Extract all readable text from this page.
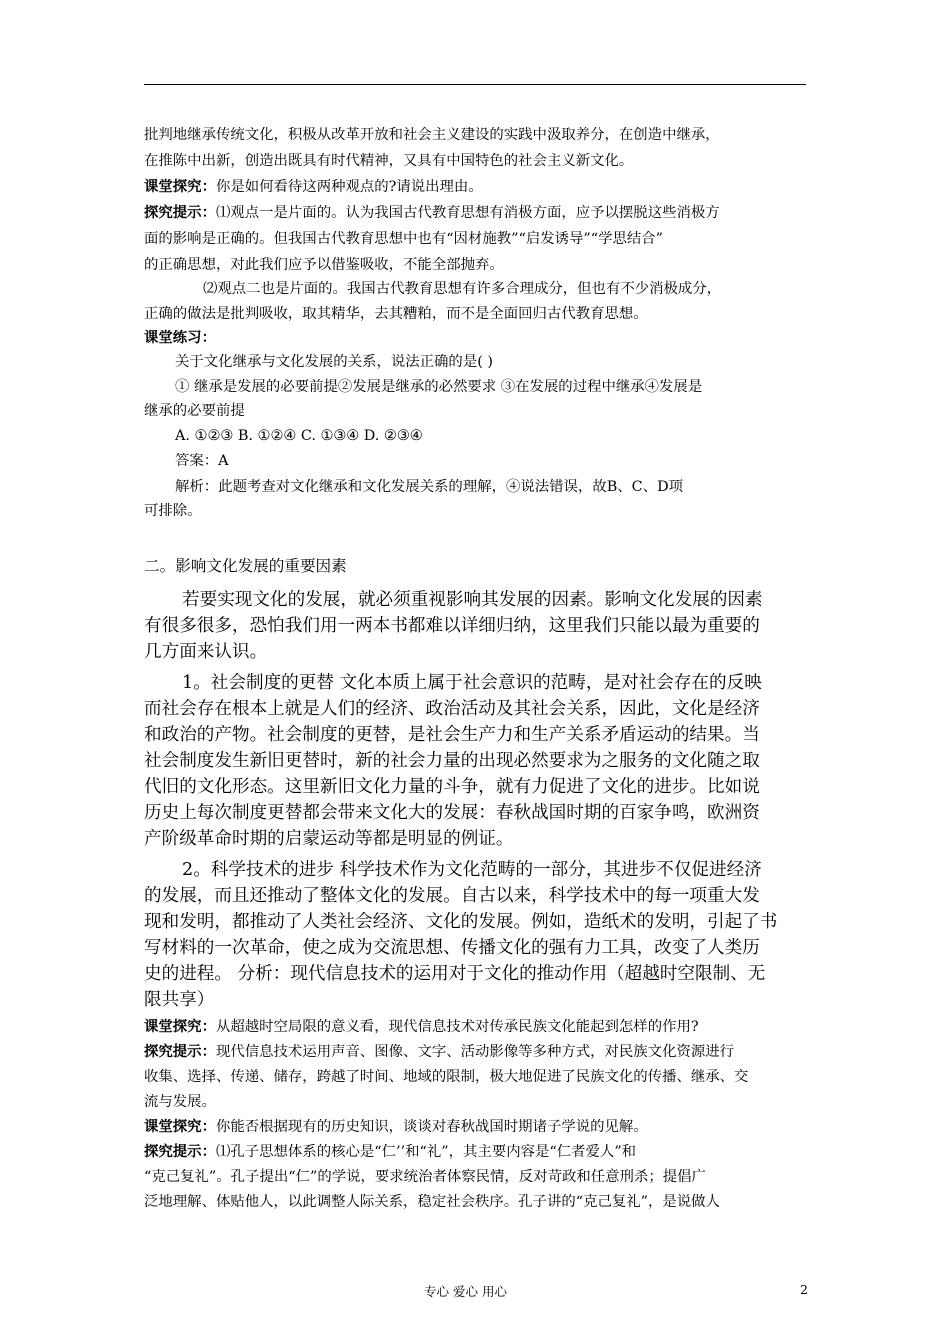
批判地继承传统文化，积极从改革开放和社会主义建设的实践中汲取养分，在创造中继承，
在推陈中出新，创造出既具有时代精神，又具有中国特色的社会主义新文化。
课堂探究：你是如何看待这两种观点的?请说出理由。
探究提示：⑴观点一是片面的。认为我国古代教育思想有消极方面，应予以摆脱这些消极方
面的影响是正确的。但我国古代教育思想中也有“因材施教”“启发诱导”“学思结合”
的正确思想，对此我们应予以借鉴吸收，不能全部抛弃。
⑵观点二也是片面的。我国古代教育思想有许多合理成分，但也有不少消极成分，
正确的做法是批判吸收，取其精华，去其糟粕，而不是全面回归古代教育思想。
课堂练习：
关于文化继承与文化发展的关系，说法正确的是( )
① 继承是发展的必要前提②发展是继承的必然要求 ③在发展的过程中继承④发展是
继承的必要前提
A. ①②③ B. ①②④ C. ①③④ D. ②③④
答案：A
解析：此题考查对文化继承和文化发展关系的理解，④说法错误，故B、C、D项
可排除。
二。影响文化发展的重要因素
若要实现文化的发展，就必须重视影响其发展的因素。影响文化发展的因素
有很多很多，恐怕我们用一两本书都难以详细归纳，这里我们只能以最为重要的
几方面来认识。
1。社会制度的更替 文化本质上属于社会意识的范畴，是对社会存在的反映
而社会存在根本上就是人们的经济、政治活动及其社会关系，因此，文化是经济
和政治的产物。社会制度的更替，是社会生产力和生产关系矛盾运动的结果。当
社会制度发生新旧更替时，新的社会力量的出现必然要求为之服务的文化随之取
代旧的文化形态。这里新旧文化力量的斗争，就有力促进了文化的进步。比如说
历史上每次制度更替都会带来文化大的发展：春秋战国时期的百家争鸣，欧洲资
产阶级革命时期的启蒙运动等都是明显的例证。
2。科学技术的进步 科学技术作为文化范畴的一部分，其进步不仅促进经济
的发展，而且还推动了整体文化的发展。自古以来，科学技术中的每一项重大发
现和发明，都推动了人类社会经济、文化的发展。例如，造纸术的发明，引起了书
写材料的一次革命，使之成为交流思想、传播文化的强有力工具，改变了人类历
史的进程。 分析：现代信息技术的运用对于文化的推动作用（超越时空限制、无
限共享）
课堂探究：从超越时空局限的意义看，现代信息技术对传承民族文化能起到怎样的作用?
探究提示：现代信息技术运用声音、图像、文字、活动影像等多种方式，对民族文化资源进行
收集、选择、传递、储存，跨越了时间、地域的限制，极大地促进了民族文化的传播、继承、交
流与发展。
课堂探究：你能否根据现有的历史知识，谈谈对春秋战国时期诸子学说的见解。
探究提示：⑴孔子思想体系的核心是“仁’’和“礼”，其主要内容是“仁者爱人”和
“克己复礼”。孔子提出“仁”的学说，要求统治者体察民情，反对苛政和任意刑杀；提倡广
泛地理解、体贴他人，以此调整人际关系，稳定社会秩序。孔子讲的“克己复礼”，是说做人
专心 爱心 用心	2
